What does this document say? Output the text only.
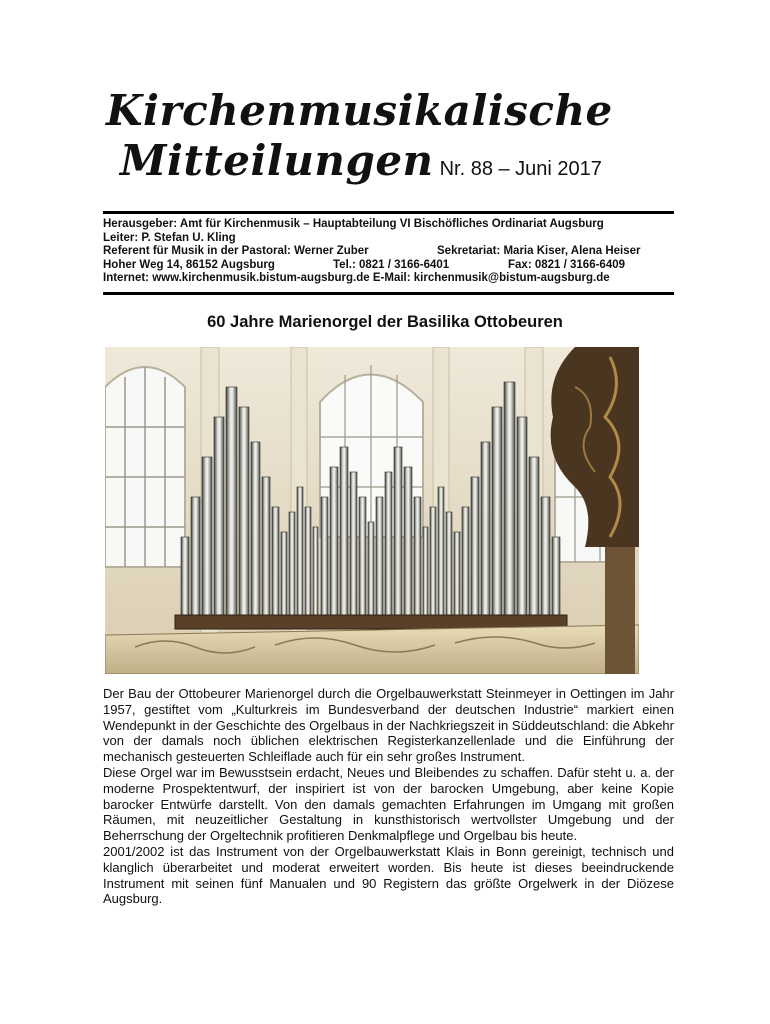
Kirchenmusikalische
Mitteilungen Nr. 88 – Juni 2017
Herausgeber: Amt für Kirchenmusik – Hauptabteilung VI Bischöfliches Ordinariat Augsburg
Leiter: P. Stefan U. Kling
Referent für Musik in der Pastoral: Werner Zuber	Sekretariat: Maria Kiser, Alena Heiser
Hoher Weg 14, 86152 Augsburg	Tel.: 0821 / 3166-6401	Fax: 0821 / 3166-6409
Internet: www.kirchenmusik.bistum-augsburg.de E-Mail: kirchenmusik@bistum-augsburg.de
60 Jahre Marienorgel der Basilika Ottobeuren

Der Bau der Ottobeurer Marienorgel durch die Orgelbauwerkstatt Steinmeyer in Oettingen im Jahr 1957, gestiftet vom „Kulturkreis im Bundesverband der deutschen Industrie“ markiert einen Wendepunkt in der Geschichte des Orgelbaus in der Nachkriegszeit in Süddeutschland: die Abkehr von der damals noch üblichen elektrischen Registerkanzellenlade und die Einführung der mechanisch gesteuerten Schleiflade auch für ein sehr großes Instrument.

Diese Orgel war im Bewusstsein erdacht, Neues und Bleibendes zu schaffen. Dafür steht u. a. der moderne Prospektentwurf, der inspiriert ist von der barocken Umgebung, aber keine Kopie barocker Entwürfe darstellt. Von den damals gemachten Erfahrungen im Umgang mit großen Räumen, mit neuzeitlicher Gestaltung in kunsthistorisch wertvollster Umgebung und der Beherrschung der Orgeltechnik profitieren Denkmalpflege und Orgelbau bis heute.

2001/2002 ist das Instrument von der Orgelbauwerkstatt Klais in Bonn gereinigt, technisch und klanglich überarbeitet und moderat erweitert worden. Bis heute ist dieses beeindruckende Instrument mit seinen fünf Manualen und 90 Registern das größte Orgelwerk in der Diözese Augsburg.
